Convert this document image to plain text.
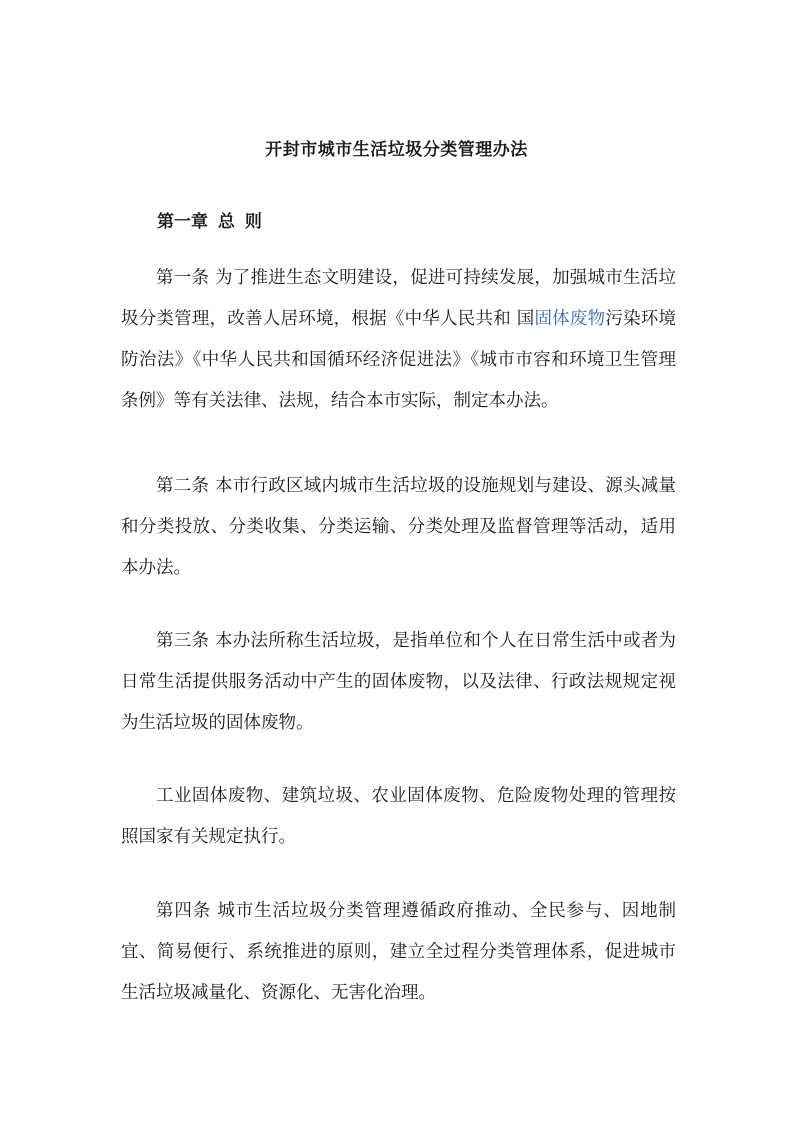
开封市城市生活垃圾分类管理办法
第一章 总 则

第一条 为了推进生态文明建设，促进可持续发展，加强城市生活垃圾分类管理，改善人居环境，根据《中华人民共和 国固体废物污染环境防治法》《中华人民共和国循环经济促进法》《城市市容和环境卫生管理条例》等有关法律、法规，结合本市实际，制定本办法。

第二条 本市行政区域内城市生活垃圾的设施规划与建设、源头减量和分类投放、分类收集、分类运输、分类处理及监督管理等活动，适用本办法。

第三条 本办法所称生活垃圾，是指单位和个人在日常生活中或者为日常生活提供服务活动中产生的固体废物，以及法律、行政法规规定视为生活垃圾的固体废物。

工业固体废物、建筑垃圾、农业固体废物、危险废物处理的管理按照国家有关规定执行。

第四条 城市生活垃圾分类管理遵循政府推动、全民参与、因地制宜、简易便行、系统推进的原则，建立全过程分类管理体系，促进城市生活垃圾减量化、资源化、无害化治理。
